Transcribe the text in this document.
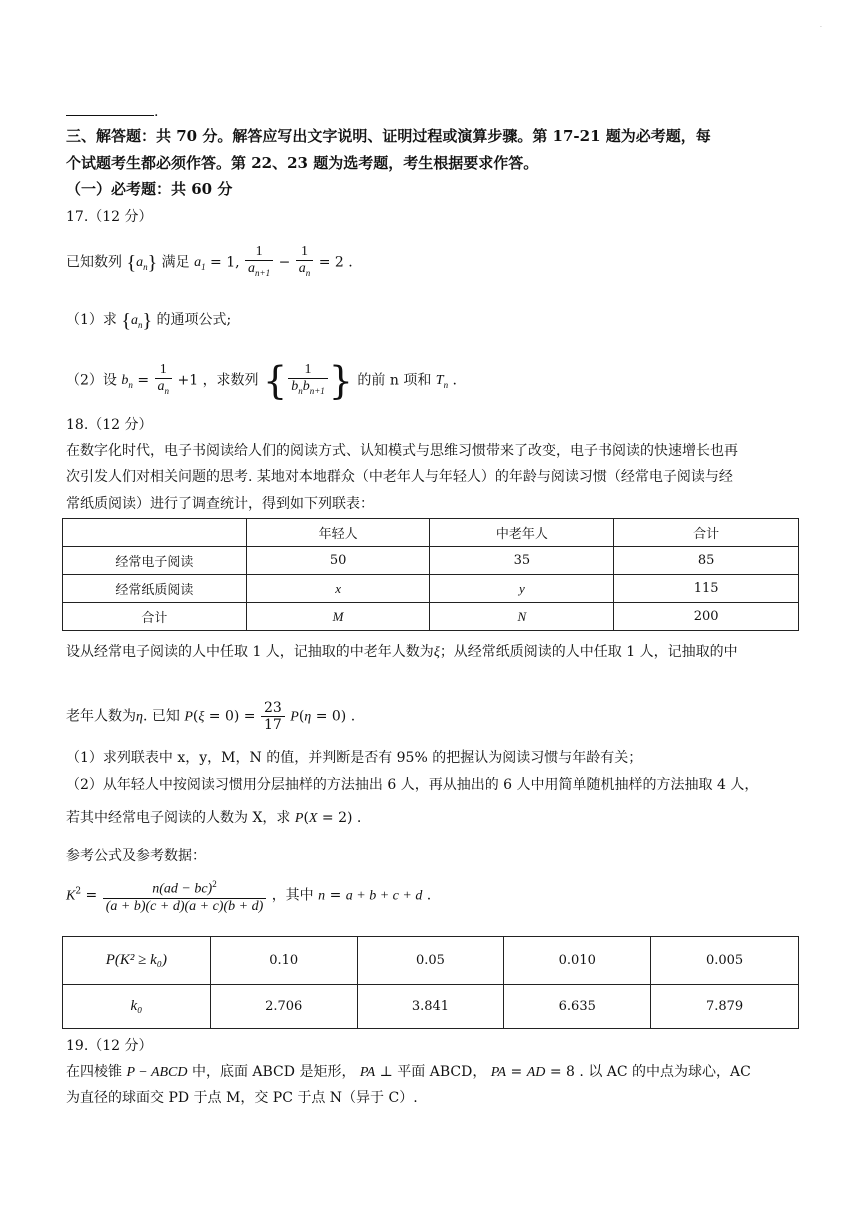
.
.
三、解答题：共 70 分。解答应写出文字说明、证明过程或演算步骤。第 17-21 题为必考题，每
个试题考生都必须作答。第 22、23 题为选考题，考生根据要求作答。
（一）必考题：共 60 分
17.（12 分）
已知数列 $\{a_n\}$ 满足 $a_1 = 1$, $\frac{1}{a_{n+1}} - \frac{1}{a_n} = 2$ .
（1）求 $\{a_n\}$ 的通项公式;
（2）设 $b_n = \frac{1}{a_n} +1$ ，求数列 { $\frac{1}{b_nb_{n+1}}$ } 的前 n 项和 $T_n$ .
18.（12 分）
在数字化时代，电子书阅读给人们的阅读方式、认知模式与思维习惯带来了改变，电子书阅读的快速增长也再
次引发人们对相关问题的思考. 某地对本地群众（中老年人与年轻人）的年龄与阅读习惯（经常电子阅读与经
常纸质阅读）进行了调查统计，得到如下列联表：
	年轻人	中老年人	合计
经常电子阅读	50	35	85
经常纸质阅读	x	y	115
合计	M	N	200
设从经常电子阅读的人中任取 1 人，记抽取的中老年人数为ξ；从经常纸质阅读的人中任取 1 人，记抽取的中
老年人数为η. 已知 $P(\xi = 0) = \frac{23}{17} P(\eta = 0)$ .
（1）求列联表中 x，y，M，N 的值，并判断是否有 95% 的把握认为阅读习惯与年龄有关；
（2）从年轻人中按阅读习惯用分层抽样的方法抽出 6 人，再从抽出的 6 人中用简单随机抽样的方法抽取 4 人，
若其中经常电子阅读的人数为 X，求 P(X = 2) .
参考公式及参考数据：
$K^2 = \frac{n(ad - bc)^2}{(a + b)(c + d)(a + c)(b + d)}$ ，其中 n = a + b + c + d .
P(K² ≥ k₀)	0.10	0.05	0.010	0.005
k₀	2.706	3.841	6.635	7.879
19.（12 分）
在四棱锥 P − ABCD 中，底面 ABCD 是矩形， PA ⊥ 平面 ABCD， PA = AD = 8 . 以 AC 的中点为球心，AC
为直径的球面交 PD 于点 M，交 PC 于点 N（异于 C）.
